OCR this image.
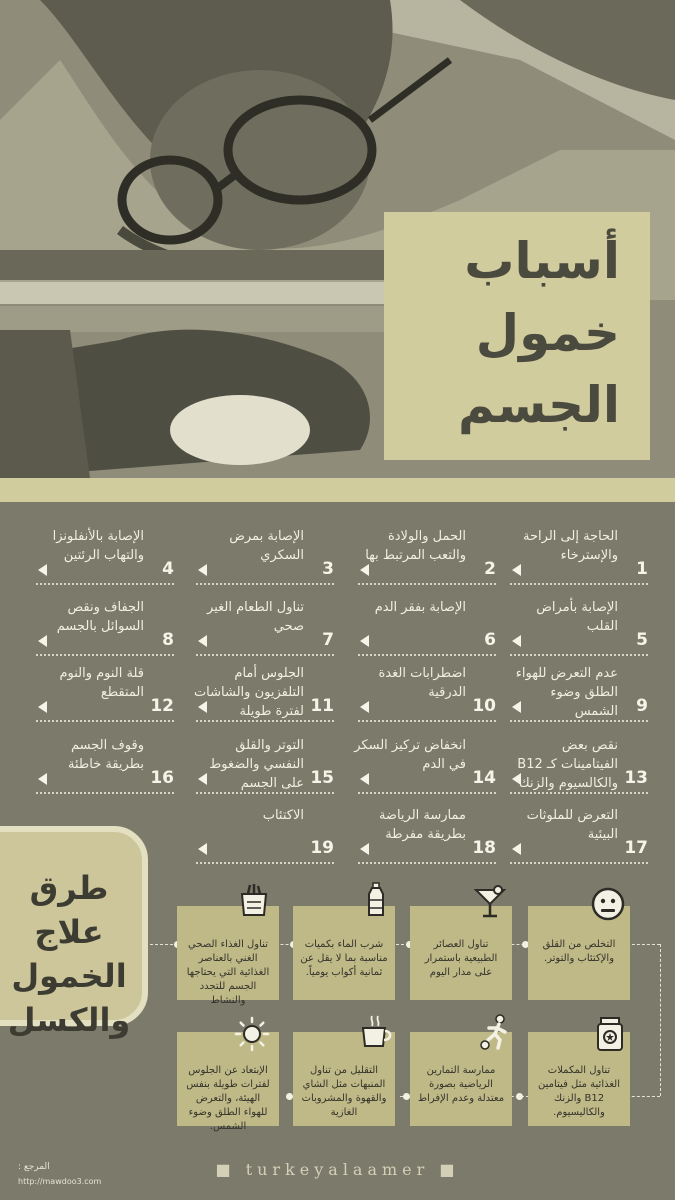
أسباب
خمول
الجسم
الحاجة إلى الراحة والإسترخاء
1
الحمل والولادة والتعب المرتبط بها
2
الإصابة بمرض السكري
3
الإصابة بالأنفلونزا والتهاب الرئتين
4
الإصابة بأمراض القلب
5
الإصابة بفقر الدم
6
تناول الطعام الغير صحي
7
الجفاف ونقص السوائل بالجسم
8
عدم التعرض للهواء الطلق وضوء الشمس 9
اضطرابات الغدة الدرقية
10
الجلوس أمام التلفزيون والشاشات لفترة طويلة 11
قلة النوم والنوم المتقطع
12
نقص بعض الفيتامينات كـ B12 والكالسيوم والزنك 13
انخفاض تركيز السكر في الدم
14
التوتر والقلق النفسي والضغوط على الجسم 15
وقوف الجسم بطريقة خاطئة
16
التعرض للملوثات البيئية
17
ممارسة الرياضة بطريقة مفرطة
18
الاكتئاب
19
طرق
علاج
الخمول
والكسل
التخلص من القلق والإكتئاب والتوتر.
تناول العصائر الطبيعية باستمرار على مدار اليوم
شرب الماء بكميات مناسبة بما لا يقل عن ثمانية أكواب يومياً.
تناول الغذاء الصحي الغني بالعناصر الغذائية التي يحتاجها الجسم للتجدد والنشاط
تناول المكملات الغذائية مثل فيتامين B12 والزنك والكاليسيوم.
ممارسة التمارين الرياضية بصورة معتدلة وعدم الإفراط
التقليل من تناول المنبهات مثل الشاي والقهوة والمشروبات الغازية
الإبتعاد عن الجلوس لفترات طويلة بنفس الهيئة، والتعرض للهواء الطلق وضوء الشمس.
■ turkeyalaamer ■
المرجع :
http://mawdoo3.com
